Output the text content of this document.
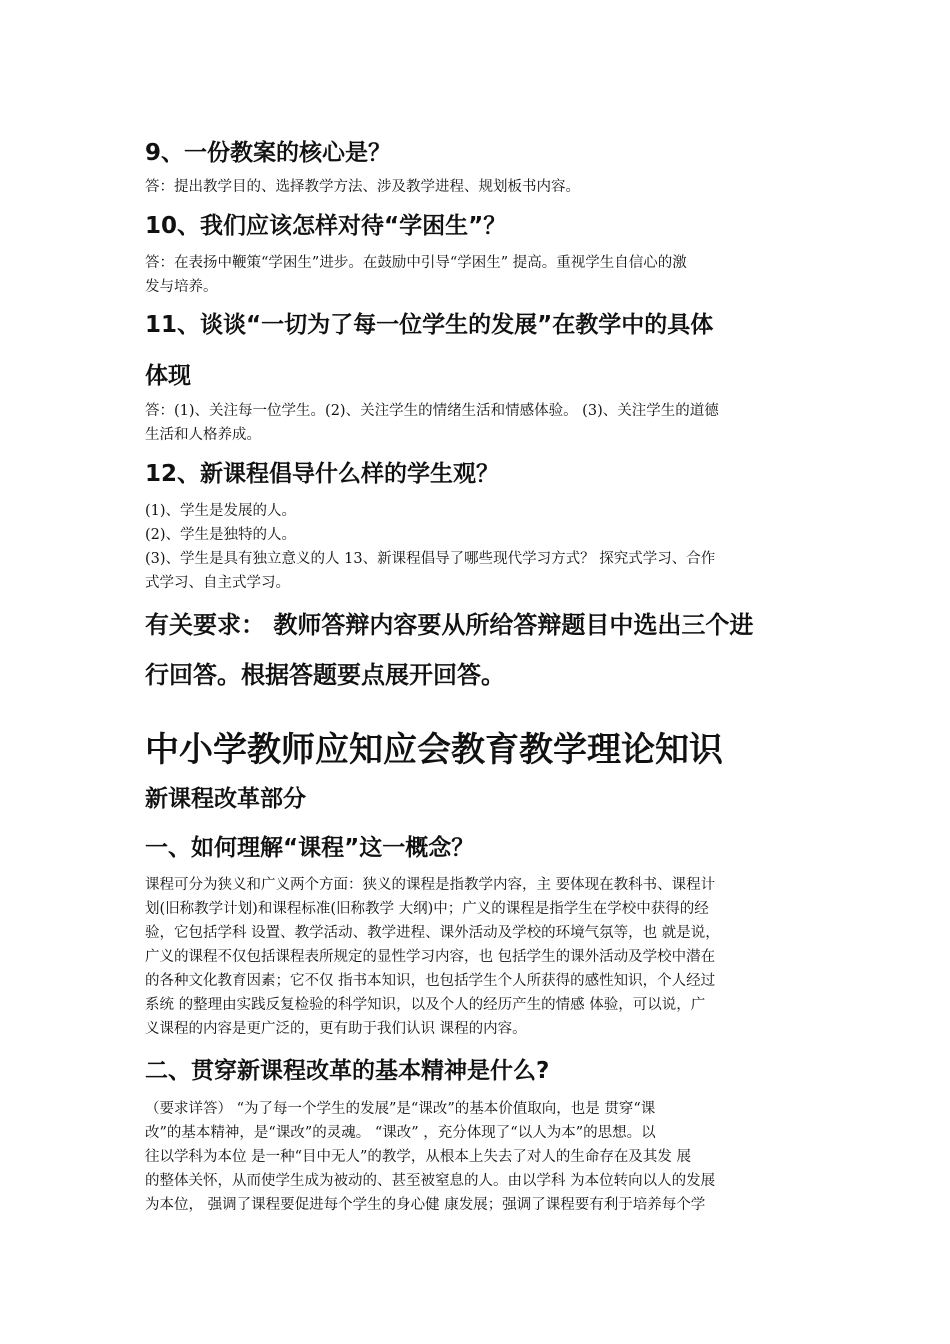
9、一份教案的核心是？
答：提出教学目的、选择教学方法、涉及教学进程、规划板书内容。
10、我们应该怎样对待“学困生”？
答：在表扬中鞭策“学困生”进步。在鼓励中引导“学困生” 提高。重视学生自信心的激
发与培养。
11、谈谈“一切为了每一位学生的发展”在教学中的具体
体现
答：(1)、关注每一位学生。(2)、关注学生的情绪生活和情感体验。 (3)、关注学生的道德
生活和人格养成。
12、新课程倡导什么样的学生观？
(1)、学生是发展的人。
(2)、学生是独特的人。
(3)、学生是具有独立意义的人 13、新课程倡导了哪些现代学习方式？ 探究式学习、合作
式学习、自主式学习。
有关要求： 教师答辩内容要从所给答辩题目中选出三个进
行回答。根据答题要点展开回答。
中小学教师应知应会教育教学理论知识
新课程改革部分
一、如何理解“课程”这一概念？
课程可分为狭义和广义两个方面：狭义的课程是指教学内容，主 要体现在教科书、课程计
划(旧称教学计划)和课程标准(旧称教学 大纲)中；广义的课程是指学生在学校中获得的经
验，它包括学科 设置、教学活动、教学进程、课外活动及学校的环境气氛等，也 就是说，
广义的课程不仅包括课程表所规定的显性学习内容，也 包括学生的课外活动及学校中潜在
的各种文化教育因素；它不仅 指书本知识，也包括学生个人所获得的感性知识，个人经过
系统 的整理由实践反复检验的科学知识，以及个人的经历产生的情感 体验，可以说，广
义课程的内容是更广泛的，更有助于我们认识 课程的内容。
二、贯穿新课程改革的基本精神是什么?
（要求详答） “为了每一个学生的发展”是“课改”的基本价值取向，也是 贯穿“课
改”的基本精神，是“课改”的灵魂。 “课改” ，充分体现了“以人为本”的思想。以
往以学科为本位 是一种“目中无人”的教学，从根本上失去了对人的生命存在及其发 展
的整体关怀，从而使学生成为被动的、甚至被窒息的人。由以学科 为本位转向以人的发展
为本位， 强调了课程要促进每个学生的身心健 康发展；强调了课程要有利于培养每个学
